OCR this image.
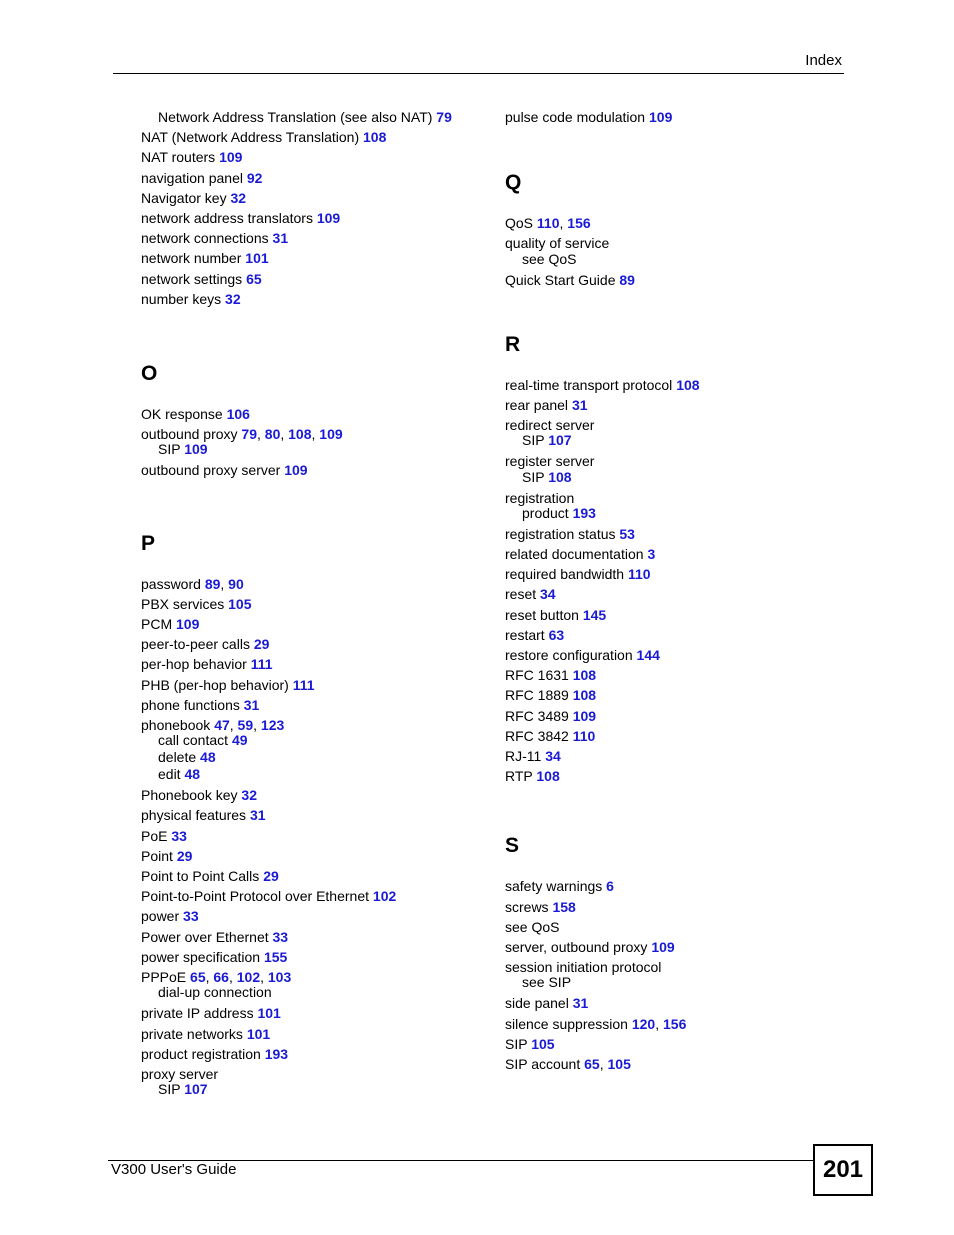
Index
Network Address Translation (see also NAT) 79
NAT (Network Address Translation) 108
NAT routers 109
navigation panel 92
Navigator key 32
network address translators 109
network connections 31
network number 101
network settings 65
number keys 32
O
OK response 106
outbound proxy 79, 80, 108, 109
SIP 109
outbound proxy server 109
P
password 89, 90
PBX services 105
PCM 109
peer-to-peer calls 29
per-hop behavior 111
PHB (per-hop behavior) 111
phone functions 31
phonebook 47, 59, 123
call contact 49
delete 48
edit 48
Phonebook key 32
physical features 31
PoE 33
Point 29
Point to Point Calls 29
Point-to-Point Protocol over Ethernet 102
power 33
Power over Ethernet 33
power specification 155
PPPoE 65, 66, 102, 103
dial-up connection
private IP address 101
private networks 101
product registration 193
proxy server
SIP 107
pulse code modulation 109
Q
QoS 110, 156
quality of service
see QoS
Quick Start Guide 89
R
real-time transport protocol 108
rear panel 31
redirect server
SIP 107
register server
SIP 108
registration
product 193
registration status 53
related documentation 3
required bandwidth 110
reset 34
reset button 145
restart 63
restore configuration 144
RFC 1631 108
RFC 1889 108
RFC 3489 109
RFC 3842 110
RJ-11 34
RTP 108
S
safety warnings 6
screws 158
see QoS
server, outbound proxy 109
session initiation protocol
see SIP
side panel 31
silence suppression 120, 156
SIP 105
SIP account 65, 105
V300 User's Guide	201
